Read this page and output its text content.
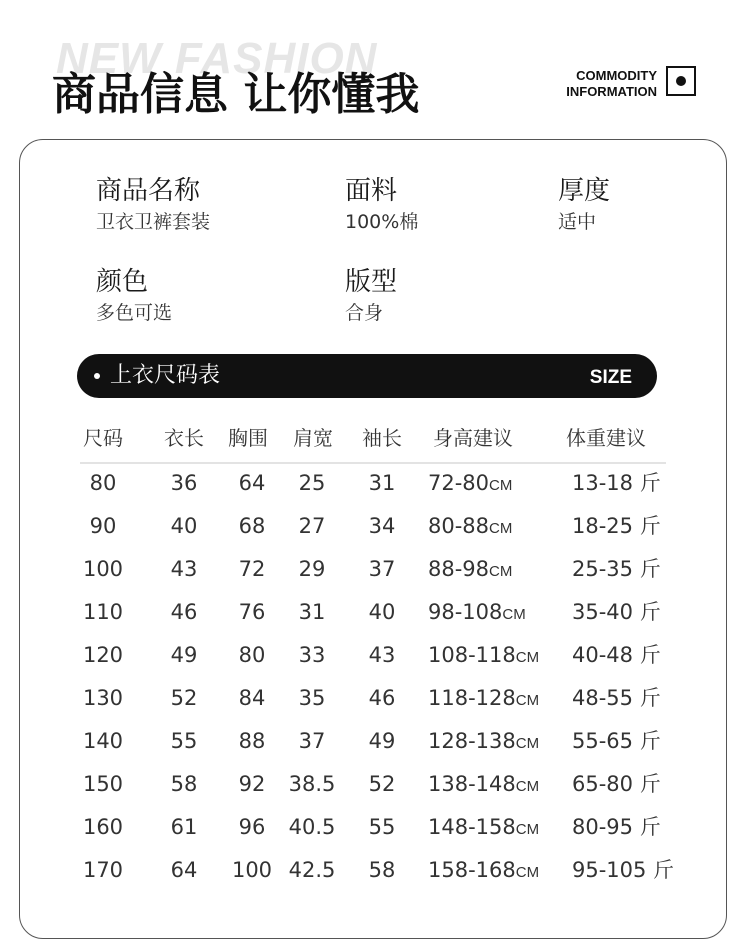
NEW FASHION
商品信息 让你懂我	COMMODITY
INFORMATION
商品名称
卫衣卫裤套装
面料
100%棉
厚度
适中
颜色
多色可选
版型
合身
上衣尺码表	SIZE
尺码 衣长 胸围 肩宽 袖长 身高建议	体重建议
80	36 64 25 31 72-80CM	13-18 斤
90	40 68 27 34 80-88CM	18-25 斤
100 43 72 29 37 88-98CM	25-35 斤
110 46 76 31 40 98-108CM 35-40 斤
120 49 80 33 43 108-118CM 40-48 斤
130 52 84 35 46 118-128CM 48-55 斤
140 55 88 37 49 128-138CM 55-65 斤
150 58 92 38.5 52 138-148CM 65-80 斤
160 61 96 40.5 55 148-158CM 80-95 斤
170 64 100 42.5 58 158-168CM 95-105 斤
